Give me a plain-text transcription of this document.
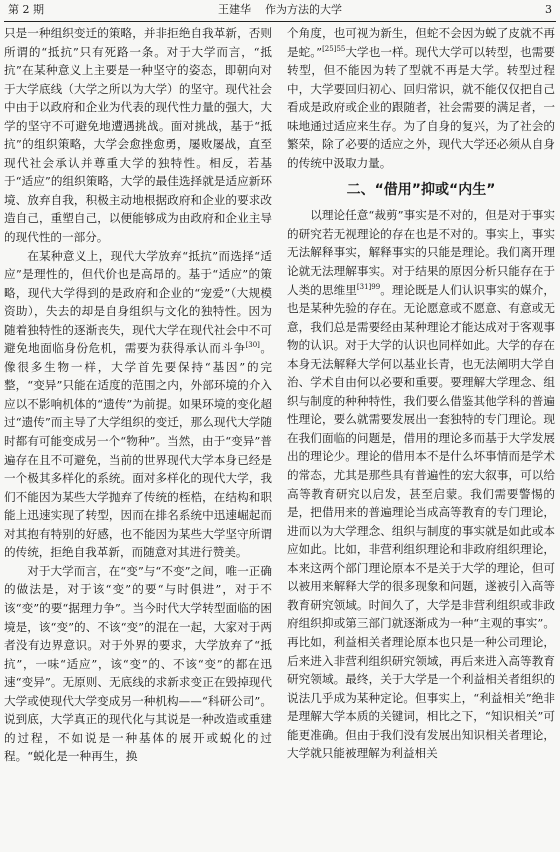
第 2 期	王建华 作为方法的大学	3

只是一种组织变迁的策略，并非拒绝自我革新，否则所谓的“抵抗”只有死路一条。对于大学而言，“抵抗”在某种意义上主要是一种坚守的姿态，即朝向对于大学底线（大学之所以为大学）的坚守。现代社会中由于以政府和企业为代表的现代性力量的强大，大学的坚守不可避免地遭遇挑战。面对挑战，基于“抵抗”的组织策略，大学会愈挫愈勇，屡败屡战，直至现代社会承认并尊重大学的独特性。相反，若基于“适应”的组织策略，大学的最佳选择就是适应新环境、放弃自我，积极主动地根据政府和企业的要求改造自己，重塑自己，以便能够成为由政府和企业主导的现代性的一部分。

在某种意义上，现代大学放弃“抵抗”而选择“适应”是理性的，但代价也是高昂的。基于“适应”的策略，现代大学得到的是政府和企业的“宠爱”（大规模资助），失去的却是自身组织与文化的独特性。因为随着独特性的逐渐丧失，现代大学在现代社会中不可避免地面临身份危机，需要为获得承认而斗争[30]。像很多生物一样，大学首先要保持“基因”的完整，“变异”只能在适度的范围之内，外部环境的介入应以不影响机体的“遗传”为前提。如果环境的变化超过“遗传”而主导了大学组织的变迁，那么现代大学随时都有可能变成另一个“物种”。当然，由于“变异”普遍存在且不可避免，当前的世界现代大学本身已经是一个极其多样化的系统。面对多样化的现代大学，我们不能因为某些大学抛弃了传统的桎梏，在结构和职能上迅速实现了转型，因而在排名系统中迅速崛起而对其抱有特别的好感，也不能因为某些大学坚守所谓的传统，拒绝自我革新，而随意对其进行赞美。

对于大学而言，在“变”与“不变”之间，唯一正确的做法是，对于该“变”的要“与时俱进”，对于不该“变”的要“据理力争”。当今时代大学转型面临的困境是，该“变”的、不该“变”的混在一起，大家对于两者没有边界意识。对于外界的要求，大学放弃了“抵抗”，一味“适应”，该“变”的、不该“变”的都在迅速“变异”。无原则、无底线的求新求变正在毁掉现代大学或使现代大学变成另一种机构——“科研公司”。说到底，大学真正的现代化与其说是一种改造或重建的过程，不如说是一种基体的展开或蜕化的过程。“蜕化是一种再生，换

个角度，也可视为新生，但蛇不会因为蜕了皮就不再是蛇。”$^{[25]55}$大学也一样。现代大学可以转型，也需要转型，但不能因为转了型就不再是大学。转型过程中，大学要回归初心、回归常识，就不能仅仅把自己看成是政府或企业的跟随者，社会需要的满足者，一味地通过适应来生存。为了自身的复兴，为了社会的繁荣，除了必要的适应之外，现代大学还必须从自身的传统中汲取力量。

二、“借用”抑或“内生”

以理论任意“裁剪”事实是不对的，但是对于事实的研究若无视理论的存在也是不对的。事实上，事实无法解释事实，解释事实的只能是理论。我们离开理论就无法理解事实。对于结果的原因分析只能存在于人类的思维里$^{[31]99}$。理论既是人们认识事实的媒介，也是某种先验的存在。无论愿意或不愿意、有意或无意，我们总是需要经由某种理论才能达成对于客观事物的认识。对于大学的认识也同样如此。大学的存在本身无法解释大学何以基业长青，也无法阐明大学自治、学术自由何以必要和重要。要理解大学理念、组织与制度的种种特性，我们要么借鉴其他学科的普遍性理论，要么就需要发展出一套独特的专门理论。现在我们面临的问题是，借用的理论多而基于大学发展出的理论少。理论的借用本不是什么坏事情而是学术的常态，尤其是那些具有普遍性的宏大叙事，可以给高等教育研究以启发，甚至启蒙。我们需要警惕的是，把借用来的普遍理论当成高等教育的专门理论，进而以为大学理念、组织与制度的事实就是如此或本应如此。比如，非营利组织理论和非政府组织理论，本来这两个部门理论原本不是关于大学的理论，但可以被用来解释大学的很多现象和问题，遂被引入高等教育研究领域。时间久了，大学是非营利组织或非政府组织抑或第三部门就逐渐成为一种“主观的事实”。再比如，利益相关者理论原本也只是一种公司理论，后来进入非营利组织研究领域，再后来进入高等教育研究领域。最终，关于大学是一个利益相关者组织的说法几乎成为某种定论。但事实上，“利益相关”绝非是理解大学本质的关键词，相比之下，“知识相关”可能更准确。但由于我们没有发展出知识相关者理论，大学就只能被理解为利益相关
